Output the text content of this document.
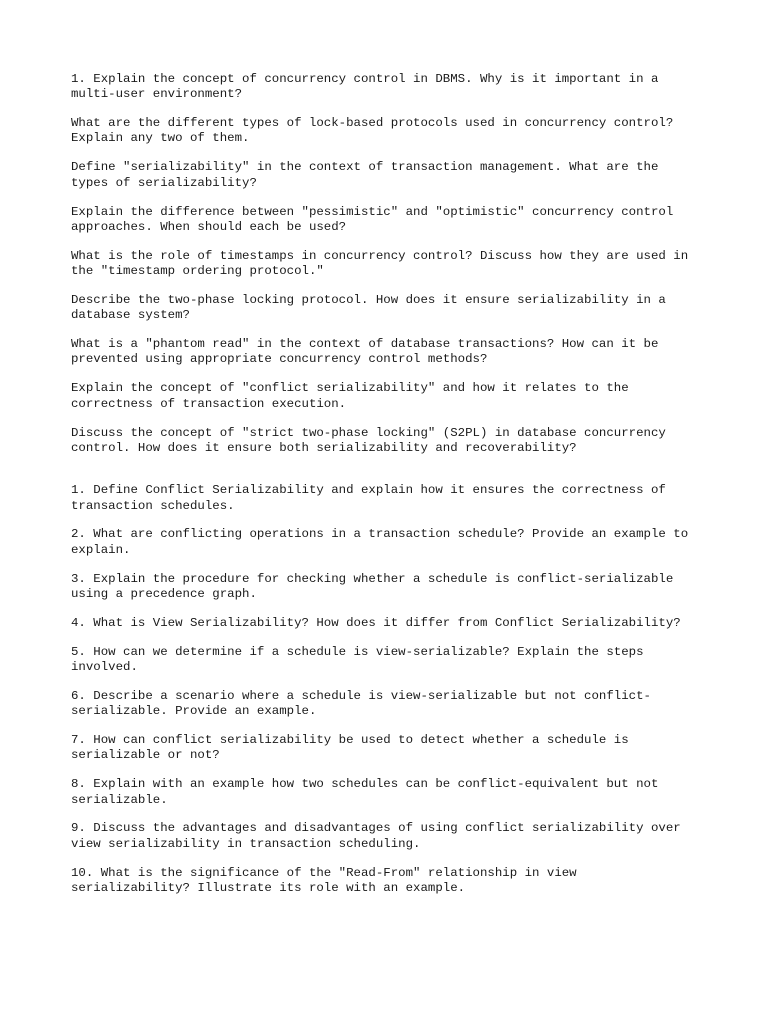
1. Explain the concept of concurrency control in DBMS. Why is it important in a
multi-user environment?

What are the different types of lock-based protocols used in concurrency control?
Explain any two of them.

Define "serializability" in the context of transaction management. What are the
types of serializability?

Explain the difference between "pessimistic" and "optimistic" concurrency control
approaches. When should each be used?

What is the role of timestamps in concurrency control? Discuss how they are used in
the "timestamp ordering protocol."

Describe the two-phase locking protocol. How does it ensure serializability in a
database system?

What is a "phantom read" in the context of database transactions? How can it be
prevented using appropriate concurrency control methods?

Explain the concept of "conflict serializability" and how it relates to the
correctness of transaction execution.

Discuss the concept of "strict two-phase locking" (S2PL) in database concurrency
control. How does it ensure both serializability and recoverability?

1. Define Conflict Serializability and explain how it ensures the correctness of
transaction schedules.

2. What are conflicting operations in a transaction schedule? Provide an example to
explain.

3. Explain the procedure for checking whether a schedule is conflict-serializable
using a precedence graph.

4. What is View Serializability? How does it differ from Conflict Serializability?

5. How can we determine if a schedule is view-serializable? Explain the steps
involved.

6. Describe a scenario where a schedule is view-serializable but not conflict-
serializable. Provide an example.

7. How can conflict serializability be used to detect whether a schedule is
serializable or not?

8. Explain with an example how two schedules can be conflict-equivalent but not
serializable.

9. Discuss the advantages and disadvantages of using conflict serializability over
view serializability in transaction scheduling.

10. What is the significance of the "Read-From" relationship in view
serializability? Illustrate its role with an example.
